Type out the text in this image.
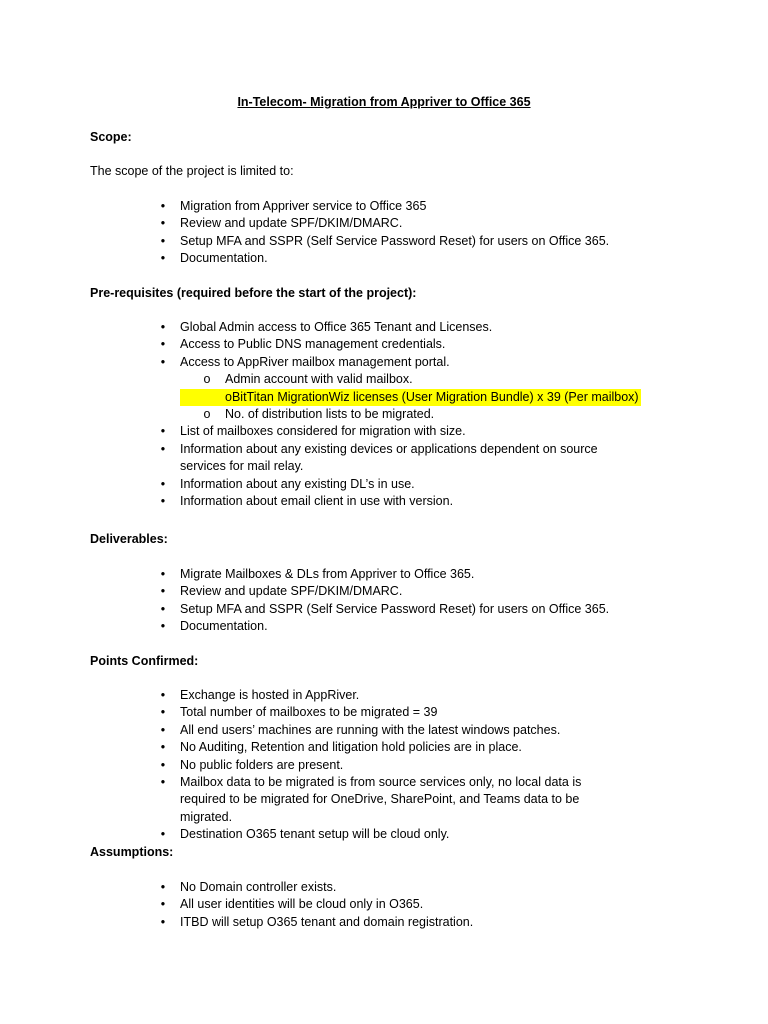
In-Telecom- Migration from Appriver to Office 365
Scope:
The scope of the project is limited to:
• Migration from Appriver service to Office 365
• Review and update SPF/DKIM/DMARC.
• Setup MFA and SSPR (Self Service Password Reset) for users on Office 365.
• Documentation.
Pre-requisites (required before the start of the project):
• Global Admin access to Office 365 Tenant and Licenses.
• Access to Public DNS management credentials.
• Access to AppRiver mailbox management portal.
o Admin account with valid mailbox.
oBitTitan MigrationWiz licenses (User Migration Bundle) x 39 (Per mailbox)
o No. of distribution lists to be migrated.
• List of mailboxes considered for migration with size.
• Information about any existing devices or applications dependent on source services for mail relay.
• Information about any existing DL’s in use.
• Information about email client in use with version.
Deliverables:
• Migrate Mailboxes & DLs from Appriver to Office 365.
• Review and update SPF/DKIM/DMARC.
• Setup MFA and SSPR (Self Service Password Reset) for users on Office 365.
• Documentation.
Points Confirmed:
• Exchange is hosted in AppRiver.
• Total number of mailboxes to be migrated = 39
• All end users’ machines are running with the latest windows patches.
• No Auditing, Retention and litigation hold policies are in place.
• No public folders are present.
• Mailbox data to be migrated is from source services only, no local data is required to be migrated for OneDrive, SharePoint, and Teams data to be migrated.
• Destination O365 tenant setup will be cloud only.
Assumptions:
• No Domain controller exists.
• All user identities will be cloud only in O365.
• ITBD will setup O365 tenant and domain registration.
